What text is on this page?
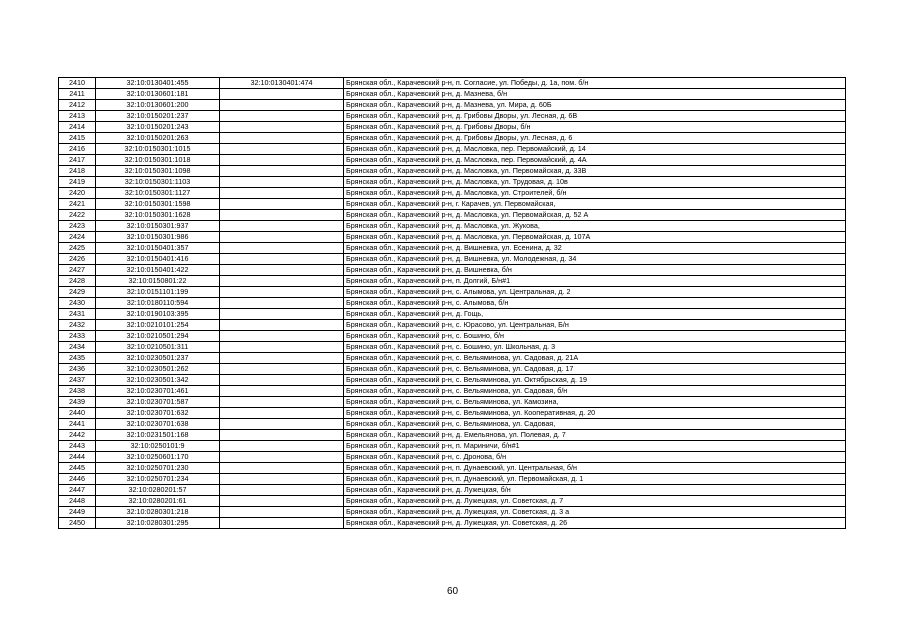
2410	32:10:0130401:455	32:10:0130401:474	Брянская обл., Карачевский р-н, п. Согласие, ул. Победы, д. 1а, пом. б/н
2411	32:10:0130601:181		Брянская обл., Карачевский р-н, д. Мазнева, б/н
2412	32:10:0130601:200		Брянская обл., Карачевский р-н, д. Мазнева, ул. Мира, д. 60Б
2413	32:10:0150201:237		Брянская обл., Карачевский р-н, д. Грибовы Дворы, ул. Лесная, д. 6В
2414	32:10:0150201:243		Брянская обл., Карачевский р-н, д. Грибовы Дворы, б/н
2415	32:10:0150201:263		Брянская обл., Карачевский р-н, д. Грибовы Дворы, ул. Лесная, д. 6
2416	32:10:0150301:1015		Брянская обл., Карачевский р-н, д. Масловка, пер. Первомайский, д. 14
2417	32:10:0150301:1018		Брянская обл., Карачевский р-н, д. Масловка, пер. Первомайский, д. 4А
2418	32:10:0150301:1098		Брянская обл., Карачевский р-н, д. Масловка, ул. Первомайская, д. 33В
2419	32:10:0150301:1103		Брянская обл., Карачевский р-н, д. Масловка, ул. Трудовая, д. 10в
2420	32:10:0150301:1127		Брянская обл., Карачевский р-н, д. Масловка, ул. Строителей, б/н
2421	32:10:0150301:1598		Брянская обл., Карачевский р-н, г. Карачев, ул. Первомайская,
2422	32:10:0150301:1628		Брянская обл., Карачевский р-н, д. Масловка, ул. Первомайская, д. 52 А
2423	32:10:0150301:937		Брянская обл., Карачевский р-н, д. Масловка, ул. Жукова,
2424	32:10:0150301:986		Брянская обл., Карачевский р-н, д. Масловка, ул. Первомайская, д. 107А
2425	32:10:0150401:357		Брянская обл., Карачевский р-н, д. Вишневка, ул. Есенина, д. 32
2426	32:10:0150401:416		Брянская обл., Карачевский р-н, д. Вишневка, ул. Молодежная, д. 34
2427	32:10:0150401:422		Брянская обл., Карачевский р-н, д. Вишневка, б/н
2428	32:10:0150801:22		Брянская обл., Карачевский р-н, п. Долгий, Б/н#1
2429	32:10:0151101:199		Брянская обл., Карачевский р-н, с. Алымова, ул. Центральная, д. 2
2430	32:10:0180110:594		Брянская обл., Карачевский р-н, с. Алымова, б/н
2431	32:10:0190103:395		Брянская обл., Карачевский р-н, д. Гощь,
2432	32:10:0210101:254		Брянская обл., Карачевский р-н, с. Юрасово, ул. Центральная, Б/н
2433	32:10:0210501:294		Брянская обл., Карачевский р-н, с. Бошино, б/н
2434	32:10:0210501:311		Брянская обл., Карачевский р-н, с. Бошино, ул. Школьная, д. 3
2435	32:10:0230501:237		Брянская обл., Карачевский р-н, с. Вельяминова, ул. Садовая, д. 21А
2436	32:10:0230501:262		Брянская обл., Карачевский р-н, с. Вельяминова, ул. Садовая, д. 17
2437	32:10:0230501:342		Брянская обл., Карачевский р-н, с. Вельяминова, ул. Октябрьская, д. 19
2438	32:10:0230701:461		Брянская обл., Карачевский р-н, с. Вельяминова, ул. Садовая, б/н
2439	32:10:0230701:587		Брянская обл., Карачевский р-н, с. Вельяминова, ул. Камозина,
2440	32:10:0230701:632		Брянская обл., Карачевский р-н, с. Вельяминова, ул. Кооперативная, д. 20
2441	32:10:0230701:638		Брянская обл., Карачевский р-н, с. Вельяминова, ул. Садовая,
2442	32:10:0231501:168		Брянская обл., Карачевский р-н, д. Емельянова, ул. Полевая, д. 7
2443	32:10:0250101:9		Брянская обл., Карачевский р-н, п. Мариничи, б/н#1
2444	32:10:0250601:170		Брянская обл., Карачевский р-н, с. Дронова, б/н
2445	32:10:0250701:230		Брянская обл., Карачевский р-н, п. Дунаевский, ул. Центральная, б/н
2446	32:10:0250701:234		Брянская обл., Карачевский р-н, п. Дунаевский, ул. Первомайская, д. 1
2447	32:10:0280201:57		Брянская обл., Карачевский р-н, д. Лужецкая, б/н
2448	32:10:0280201:61		Брянская обл., Карачевский р-н, д. Лужецкая, ул. Советская, д. 7
2449	32:10:0280301:218		Брянская обл., Карачевский р-н, д. Лужецкая, ул. Советская, д. 3 а
2450	32:10:0280301:295		Брянская обл., Карачевский р-н, д. Лужецкая, ул. Советская, д. 26
60
